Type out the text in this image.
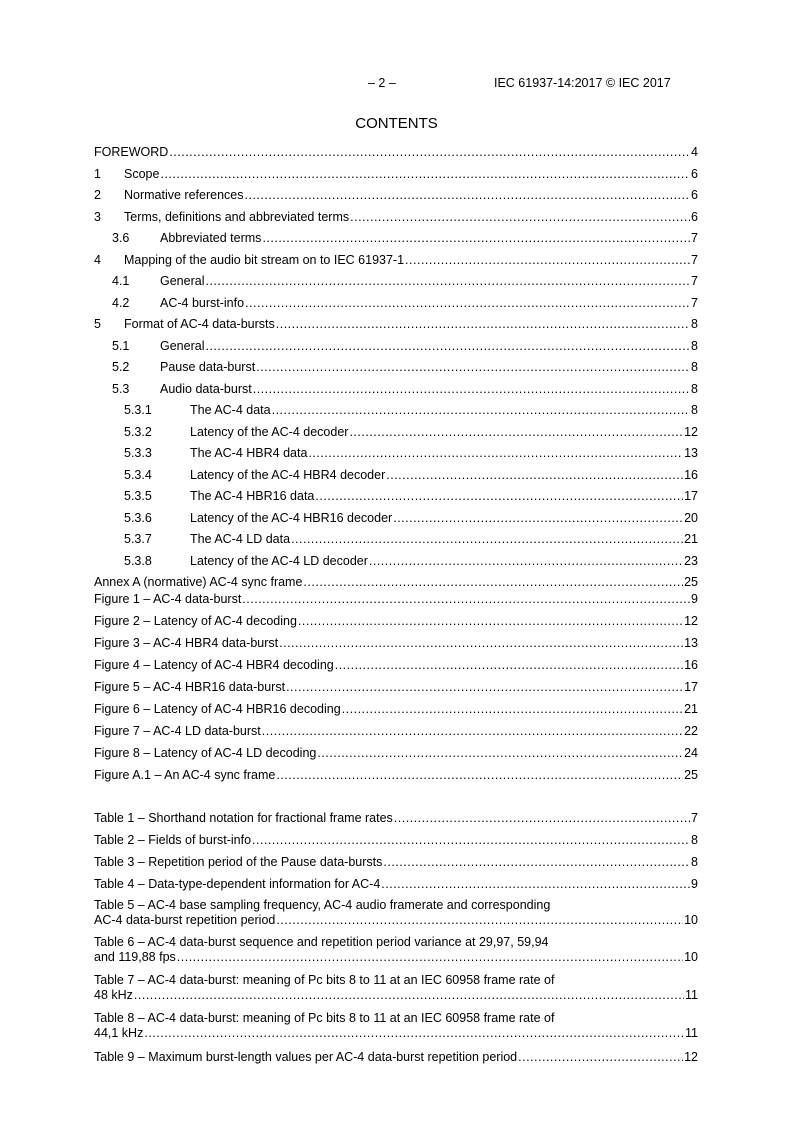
– 2 –	IEC 61937-14:2017 © IEC 2017
CONTENTS
FOREWORD .....	4
1	Scope .....	6
2	Normative references .....	6
3	Terms, definitions and abbreviated terms .....	6
3.6	Abbreviated terms .....	7
4	Mapping of the audio bit stream on to IEC 61937-1 .....	7
4.1	General .....	7
4.2	AC-4 burst-info .....	7
5	Format of AC-4 data-bursts .....	8
5.1	General .....	8
5.2	Pause data-burst .....	8
5.3	Audio data-burst .....	8
5.3.1	The AC-4 data .....	8
5.3.2	Latency of the AC-4 decoder .....	12
5.3.3	The AC-4 HBR4 data .....	13
5.3.4	Latency of the AC-4 HBR4 decoder .....	16
5.3.5	The AC-4 HBR16 data .....	17
5.3.6	Latency of the AC-4 HBR16 decoder .....	20
5.3.7	The AC-4 LD data .....	21
5.3.8	Latency of the AC-4 LD decoder .....	23
Annex A (normative) AC-4 sync frame .....	25
Figure 1 – AC-4 data-burst .....	9
Figure 2 – Latency of AC-4 decoding .....	12
Figure 3 – AC-4 HBR4 data-burst .....	13
Figure 4 – Latency of AC-4 HBR4 decoding .....	16
Figure 5 – AC-4 HBR16 data-burst .....	17
Figure 6 – Latency of AC-4 HBR16 decoding .....	21
Figure 7 – AC-4 LD data-burst .....	22
Figure 8 – Latency of AC-4 LD decoding .....	24
Figure A.1 – An AC-4 sync frame .....	25
Table 1 – Shorthand notation for fractional frame rates .....	7
Table 2 – Fields of burst-info .....	8
Table 3 – Repetition period of the Pause data-bursts .....	8
Table 4 – Data-type-dependent information for AC-4 .....	9
Table 5 – AC-4 base sampling frequency, AC-4 audio framerate and corresponding
AC-4 data-burst repetition period .....	10
Table 6 – AC-4 data-burst sequence and repetition period variance at 29,97, 59,94
and 119,88 fps .....	10
Table 7 – AC-4 data-burst: meaning of Pc bits 8 to 11 at an IEC 60958 frame rate of
48 kHz .....	11
Table 8 – AC-4 data-burst: meaning of Pc bits 8 to 11 at an IEC 60958 frame rate of
44,1 kHz .....	11
Table 9 – Maximum burst-length values per AC-4 data-burst repetition period .....	12
